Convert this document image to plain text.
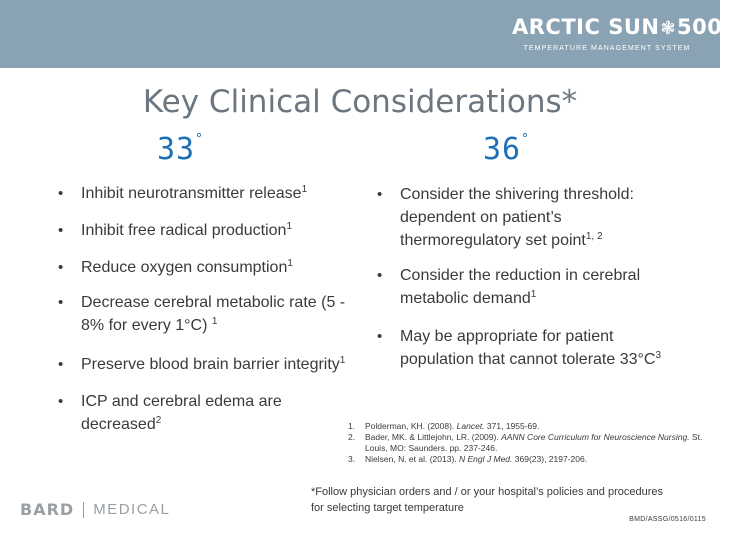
ARCTIC SUN❃5000
TEMPERATURE MANAGEMENT SYSTEM
Key Clinical Considerations*
33°	36°
• Inhibit neurotransmitter release$^1$
• Inhibit free radical production$^1$
• Reduce oxygen consumption$^1$
• Decrease cerebral metabolic rate (5 - 8% for every 1°C) $^1$
• Preserve blood brain barrier integrity$^1$
• ICP and cerebral edema are decreased$^2$
• Consider the shivering threshold: dependent on patient’s thermoregulatory set point$^{1, 2}$
• Consider the reduction in cerebral metabolic demand$^1$
• May be appropriate for patient population that cannot tolerate $33^\circ C^3$
1. Polderman, KH. (2008). Lancet. 371, 1955-69.
2. Bader, MK. & Littlejohn, LR. (2009). AANN Core Curriculum for Neuroscience Nursing. St. Louis, MO: Saunders. pp. 237-246.
3. Nielsen, N. et al. (2013). N Engl J Med. 369(23), 2197-206.
*Follow physician orders and / or your hospital’s policies and procedures for selecting target temperature
BMD/ASSG/0516/0115
BARD MEDICAL
